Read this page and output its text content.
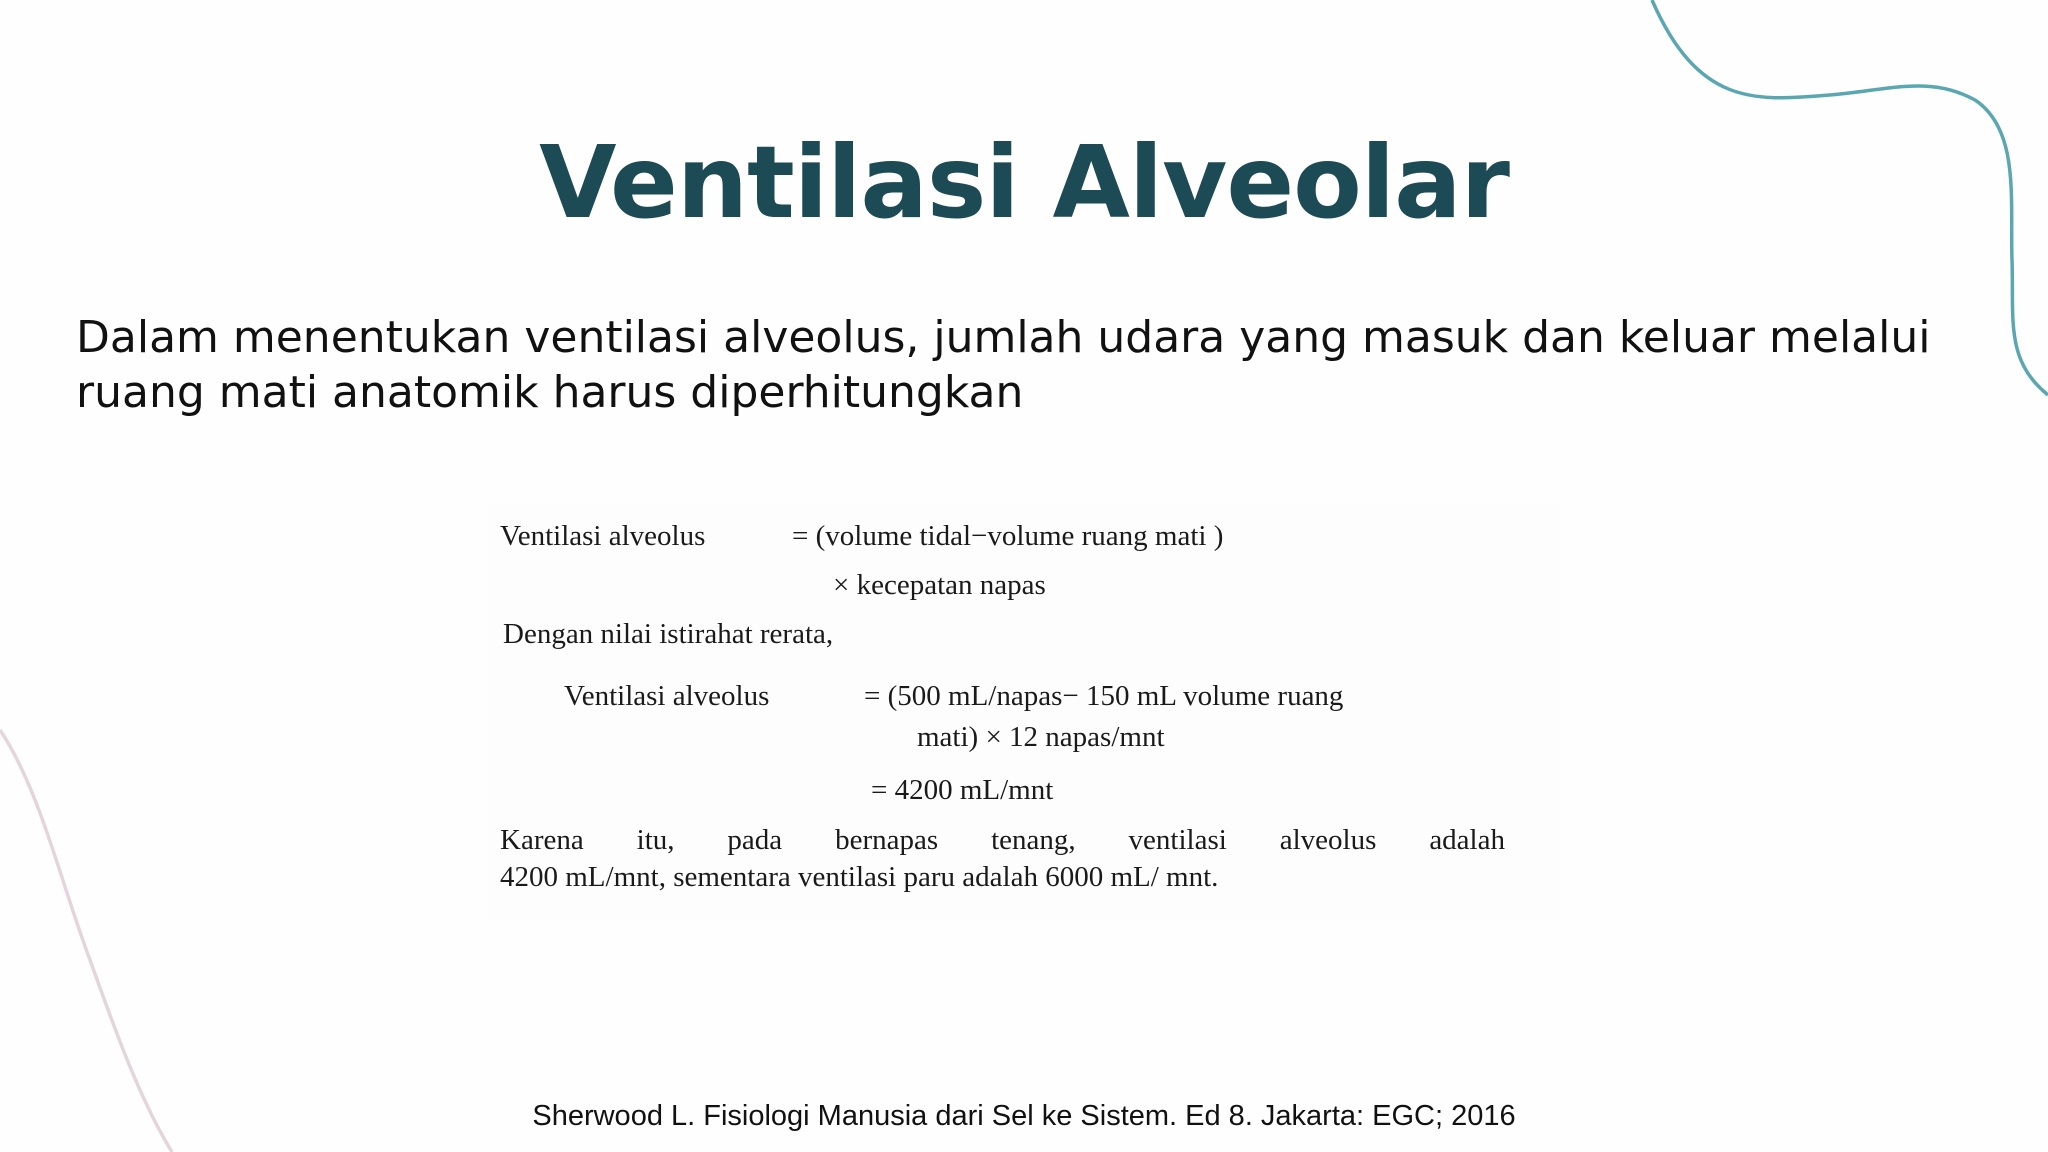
Ventilasi Alveolar
Dalam menentukan ventilasi alveolus, jumlah udara yang masuk dan keluar melalui ruang mati anatomik harus diperhitungkan
Ventilasi alveolus	= (volume tidal−volume ruang mati )
× kecepatan napas
Dengan nilai istirahat rerata,
Ventilasi alveolus	= (500 mL/napas− 150 mL volume ruang
mati) × 12 napas/mnt
= 4200 mL/mnt
Karena itu, pada bernapas tenang, ventilasi alveolus adalah
4200 mL/mnt, sementara ventilasi paru adalah 6000 mL/ mnt.
Sherwood L. Fisiologi Manusia dari Sel ke Sistem. Ed 8. Jakarta: EGC; 2016
